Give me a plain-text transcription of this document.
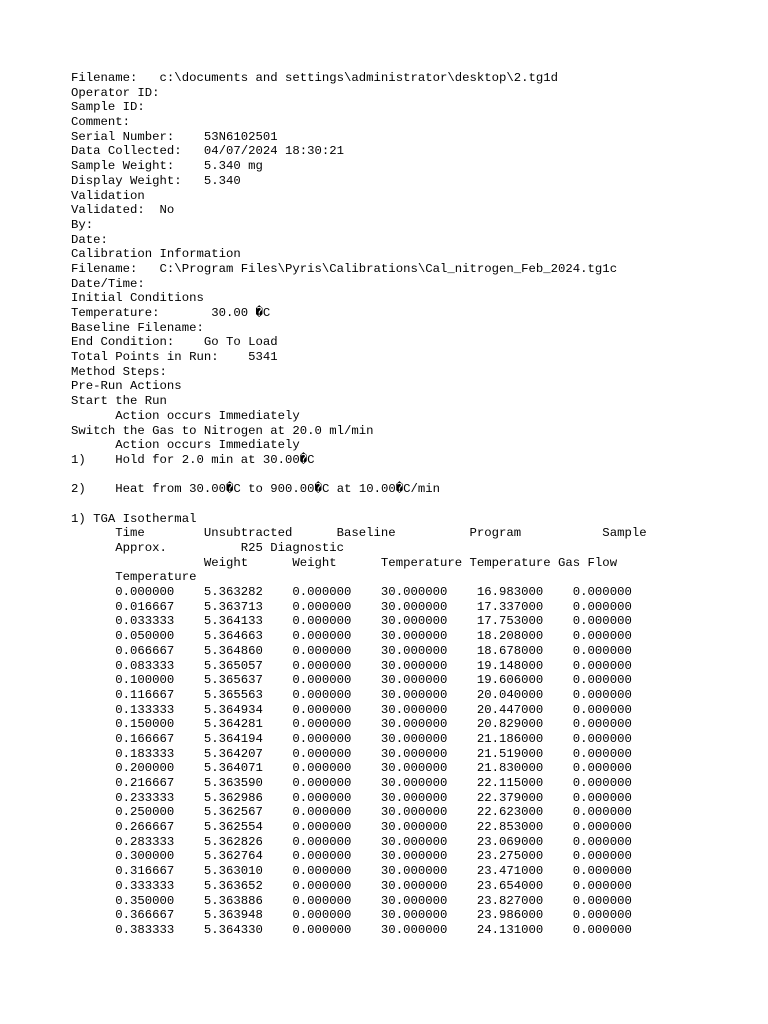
Filename:   c:\documents and settings\administrator\desktop\2.tg1d
Operator ID:
Sample ID:
Comment:
Serial Number:    53N6102501
Data Collected:   04/07/2024 18:30:21
Sample Weight:    5.340 mg
Display Weight:   5.340
Validation
Validated:  No
By:
Date:
Calibration Information
Filename:   C:\Program Files\Pyris\Calibrations\Cal_nitrogen_Feb_2024.tg1c
Date/Time:
Initial Conditions
Temperature:       30.00 �C
Baseline Filename:
End Condition:    Go To Load
Total Points in Run:    5341
Method Steps:
Pre-Run Actions
Start the Run
Action occurs Immediately
Switch the Gas to Nitrogen at 20.0 ml/min
Action occurs Immediately
1)    Hold for 2.0 min at 30.00�C
2)    Heat from 30.00�C to 900.00�C at 10.00�C/min
1) TGA Isothermal
Time        Unsubtracted      Baseline          Program           Sample
Approx.          R25 Diagnostic
Weight      Weight      Temperature Temperature Gas Flow
Temperature
0.000000    5.363282    0.000000    30.000000    16.983000    0.000000
0.016667    5.363713    0.000000    30.000000    17.337000    0.000000
0.033333    5.364133    0.000000    30.000000    17.753000    0.000000
0.050000    5.364663    0.000000    30.000000    18.208000    0.000000
0.066667    5.364860    0.000000    30.000000    18.678000    0.000000
0.083333    5.365057    0.000000    30.000000    19.148000    0.000000
0.100000    5.365637    0.000000    30.000000    19.606000    0.000000
0.116667    5.365563    0.000000    30.000000    20.040000    0.000000
0.133333    5.364934    0.000000    30.000000    20.447000    0.000000
0.150000    5.364281    0.000000    30.000000    20.829000    0.000000
0.166667    5.364194    0.000000    30.000000    21.186000    0.000000
0.183333    5.364207    0.000000    30.000000    21.519000    0.000000
0.200000    5.364071    0.000000    30.000000    21.830000    0.000000
0.216667    5.363590    0.000000    30.000000    22.115000    0.000000
0.233333    5.362986    0.000000    30.000000    22.379000    0.000000
0.250000    5.362567    0.000000    30.000000    22.623000    0.000000
0.266667    5.362554    0.000000    30.000000    22.853000    0.000000
0.283333    5.362826    0.000000    30.000000    23.069000    0.000000
0.300000    5.362764    0.000000    30.000000    23.275000    0.000000
0.316667    5.363010    0.000000    30.000000    23.471000    0.000000
0.333333    5.363652    0.000000    30.000000    23.654000    0.000000
0.350000    5.363886    0.000000    30.000000    23.827000    0.000000
0.366667    5.363948    0.000000    30.000000    23.986000    0.000000
0.383333    5.364330    0.000000    30.000000    24.131000    0.000000
